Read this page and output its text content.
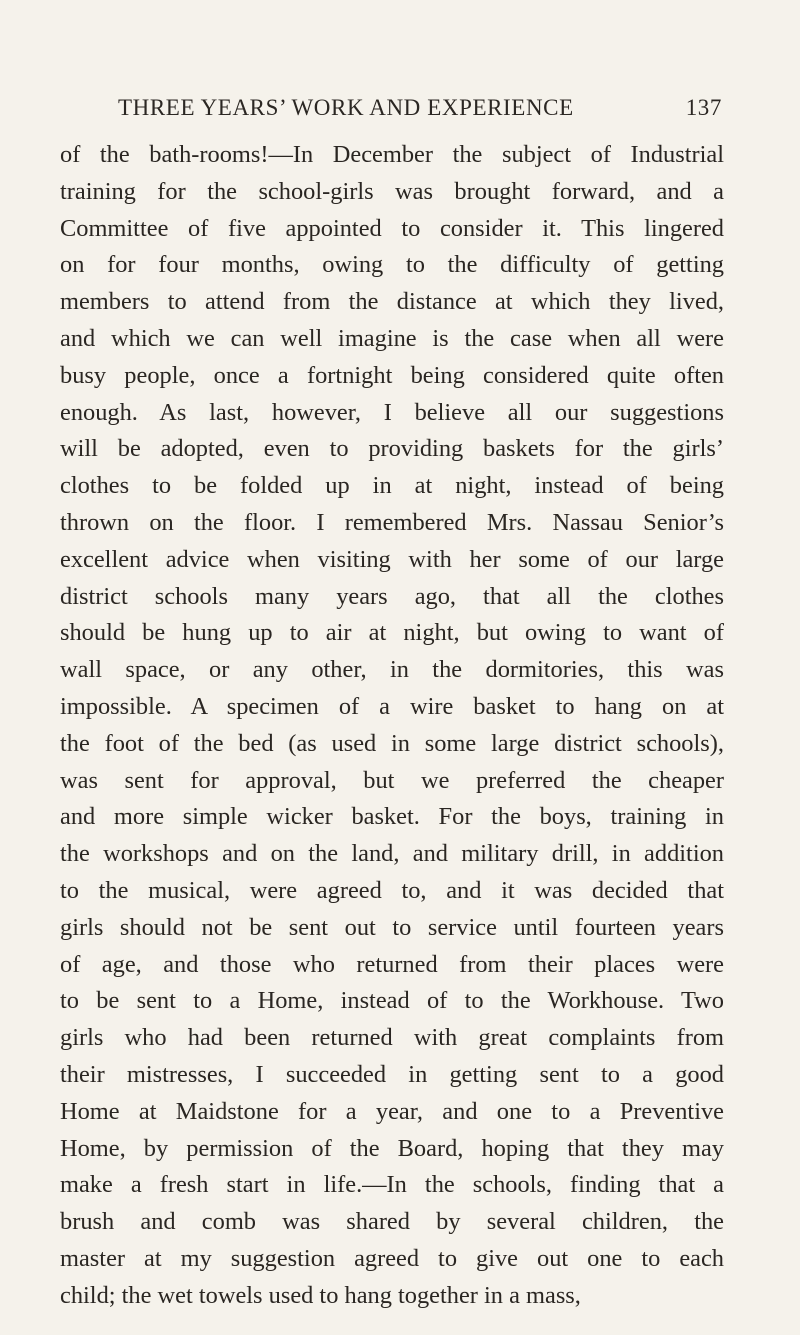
THREE YEARS’ WORK AND EXPERIENCE	137
of the bath-rooms!—In December the subject of Industrial
training for the school-girls was brought forward, and a
Committee of five appointed to consider it. This lingered
on for four months, owing to the difficulty of getting
members to attend from the distance at which they lived,
and which we can well imagine is the case when all were
busy people, once a fortnight being considered quite often
enough. As last, however, I believe all our suggestions
will be adopted, even to providing baskets for the girls’
clothes to be folded up in at night, instead of being
thrown on the floor. I remembered Mrs. Nassau Senior’s
excellent advice when visiting with her some of our large
district schools many years ago, that all the clothes
should be hung up to air at night, but owing to want of
wall space, or any other, in the dormitories, this was
impossible. A specimen of a wire basket to hang on at
the foot of the bed (as used in some large district schools),
was sent for approval, but we preferred the cheaper
and more simple wicker basket. For the boys, training in
the workshops and on the land, and military drill, in addition
to the musical, were agreed to, and it was decided that
girls should not be sent out to service until fourteen years
of age, and those who returned from their places were
to be sent to a Home, instead of to the Workhouse. Two
girls who had been returned with great complaints from
their mistresses, I succeeded in getting sent to a good
Home at Maidstone for a year, and one to a Preventive
Home, by permission of the Board, hoping that they may
make a fresh start in life.—In the schools, finding that a
brush and comb was shared by several children, the
master at my suggestion agreed to give out one to each
child; the wet towels used to hang together in a mass,
